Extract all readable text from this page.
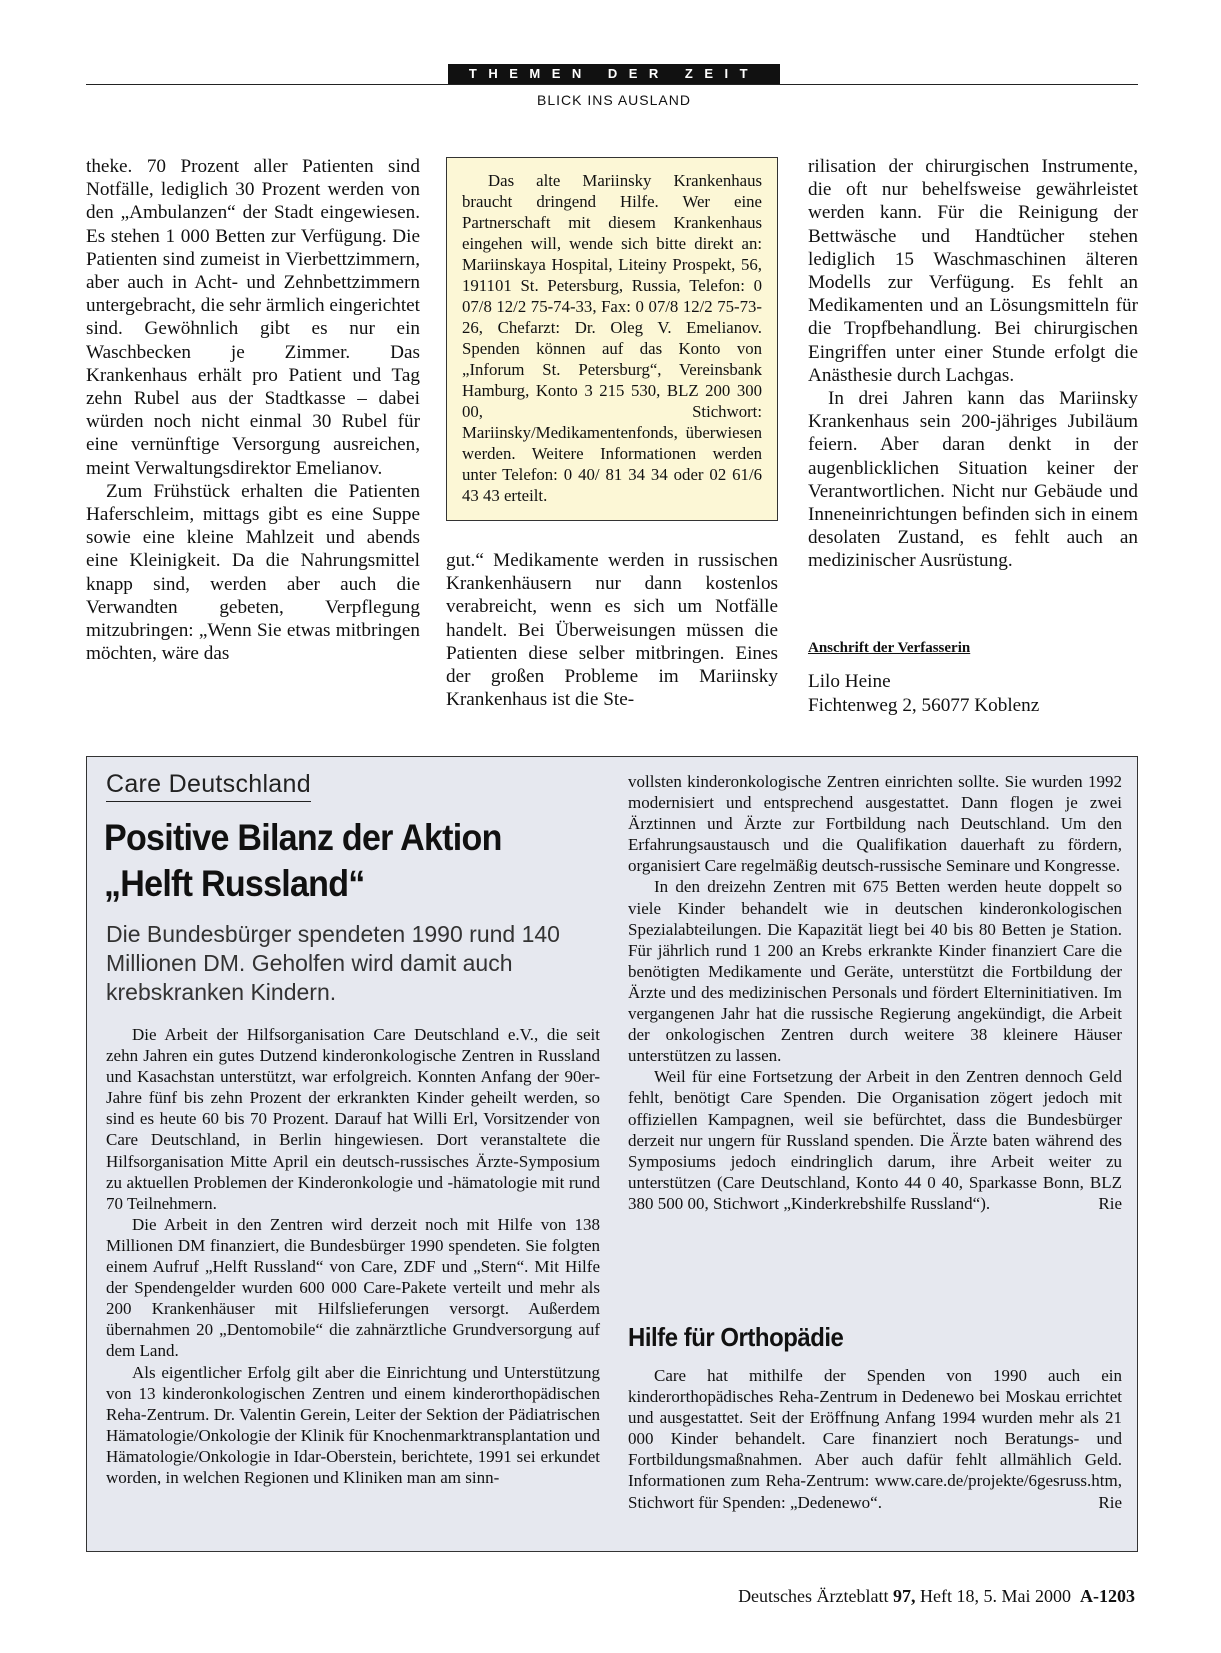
THEMEN DER ZEIT
BLICK INS AUSLAND

theke. 70 Prozent aller Patienten sind Notfälle, lediglich 30 Prozent werden von den „Ambulanzen“ der Stadt eingewiesen. Es stehen 1 000 Betten zur Verfügung. Die Patienten sind zumeist in Vierbettzimmern, aber auch in Acht- und Zehnbettzimmern untergebracht, die sehr ärmlich eingerichtet sind. Gewöhnlich gibt es nur ein Waschbecken je Zimmer. Das Krankenhaus erhält pro Patient und Tag zehn Rubel aus der Stadtkasse – dabei würden noch nicht einmal 30 Rubel für eine vernünftige Versorgung ausreichen, meint Verwaltungsdirektor Emelianov.

Zum Frühstück erhalten die Patienten Haferschleim, mittags gibt es eine Suppe sowie eine kleine Mahlzeit und abends eine Kleinigkeit. Da die Nahrungsmittel knapp sind, werden aber auch die Verwandten gebeten, Verpflegung mitzubringen: „Wenn Sie etwas mitbringen möchten, wäre das

Das alte Mariinsky Krankenhaus braucht dringend Hilfe. Wer eine Partnerschaft mit diesem Krankenhaus eingehen will, wende sich bitte direkt an: Mariinskaya Hospital, Liteiny Prospekt, 56, 191101 St. Petersburg, Russia, Telefon: 0 07/8 12/2 75-74-33, Fax: 0 07/8 12/2 75-73-26, Chefarzt: Dr. Oleg V. Emelianov. Spenden können auf das Konto von „Inforum St. Petersburg“, Vereinsbank Hamburg, Konto 3 215 530, BLZ 200 300 00, Stichwort: Mariinsky/Medikamentenfonds, überwiesen werden. Weitere Informationen werden unter Telefon: 0 40/ 81 34 34 oder 02 61/6 43 43 erteilt.

gut.“ Medikamente werden in russischen Krankenhäusern nur dann kostenlos verabreicht, wenn es sich um Notfälle handelt. Bei Überweisungen müssen die Patienten diese selber mitbringen. Eines der großen Probleme im Mariinsky Krankenhaus ist die Ste-

rilisation der chirurgischen Instrumente, die oft nur behelfsweise gewährleistet werden kann. Für die Reinigung der Bettwäsche und Handtücher stehen lediglich 15 Waschmaschinen älteren Modells zur Verfügung. Es fehlt an Medikamenten und an Lösungsmitteln für die Tropfbehandlung. Bei chirurgischen Eingriffen unter einer Stunde erfolgt die Anästhesie durch Lachgas.

In drei Jahren kann das Mariinsky Krankenhaus sein 200-jähriges Jubiläum feiern. Aber daran denkt in der augenblicklichen Situation keiner der Verantwortlichen. Nicht nur Gebäude und Inneneinrichtungen befinden sich in einem desolaten Zustand, es fehlt auch an medizinischer Ausrüstung.

Anschrift der Verfasserin
Lilo Heine
Fichtenweg 2, 56077 Koblenz
Care Deutschland
Positive Bilanz der Aktion
„Helft Russland“

Die Bundesbürger spendeten 1990 rund 140 Millionen DM. Geholfen wird damit auch krebskranken Kindern.

Die Arbeit der Hilfsorganisation Care Deutschland e.V., die seit zehn Jahren ein gutes Dutzend kinderonkologische Zentren in Russland und Kasachstan unterstützt, war erfolgreich. Konnten Anfang der 90er-Jahre fünf bis zehn Prozent der erkrankten Kinder geheilt werden, so sind es heute 60 bis 70 Prozent. Darauf hat Willi Erl, Vorsitzender von Care Deutschland, in Berlin hingewiesen. Dort veranstaltete die Hilfsorganisation Mitte April ein deutsch-russisches Ärzte-Symposium zu aktuellen Problemen der Kinderonkologie und -hämatologie mit rund 70 Teilnehmern.

Die Arbeit in den Zentren wird derzeit noch mit Hilfe von 138 Millionen DM finanziert, die Bundesbürger 1990 spendeten. Sie folgten einem Aufruf „Helft Russland“ von Care, ZDF und „Stern“. Mit Hilfe der Spendengelder wurden 600 000 Care-Pakete verteilt und mehr als 200 Krankenhäuser mit Hilfslieferungen versorgt. Außerdem übernahmen 20 „Dentomobile“ die zahnärztliche Grundversorgung auf dem Land.

Als eigentlicher Erfolg gilt aber die Einrichtung und Unterstützung von 13 kinderonkologischen Zentren und einem kinderorthopädischen Reha-Zentrum. Dr. Valentin Gerein, Leiter der Sektion der Pädiatrischen Hämatologie/Onkologie der Klinik für Knochenmarktransplantation und Hämatologie/Onkologie in Idar-Oberstein, berichtete, 1991 sei erkundet worden, in welchen Regionen und Kliniken man am sinn-

vollsten kinderonkologische Zentren einrichten sollte. Sie wurden 1992 modernisiert und entsprechend ausgestattet. Dann flogen je zwei Ärztinnen und Ärzte zur Fortbildung nach Deutschland. Um den Erfahrungsaustausch und die Qualifikation dauerhaft zu fördern, organisiert Care regelmäßig deutsch-russische Seminare und Kongresse.

In den dreizehn Zentren mit 675 Betten werden heute doppelt so viele Kinder behandelt wie in deutschen kinderonkologischen Spezialabteilungen. Die Kapazität liegt bei 40 bis 80 Betten je Station. Für jährlich rund 1 200 an Krebs erkrankte Kinder finanziert Care die benötigten Medikamente und Geräte, unterstützt die Fortbildung der Ärzte und des medizinischen Personals und fördert Elterninitiativen. Im vergangenen Jahr hat die russische Regierung angekündigt, die Arbeit der onkologischen Zentren durch weitere 38 kleinere Häuser unterstützen zu lassen.

Weil für eine Fortsetzung der Arbeit in den Zentren dennoch Geld fehlt, benötigt Care Spenden. Die Organisation zögert jedoch mit offiziellen Kampagnen, weil sie befürchtet, dass die Bundesbürger derzeit nur ungern für Russland spenden. Die Ärzte baten während des Symposiums jedoch eindringlich darum, ihre Arbeit weiter zu unterstützen (Care Deutschland, Konto 44 0 40, Sparkasse Bonn, BLZ 380 500 00, Stichwort „Kinderkrebshilfe Russland“).	Rie
Hilfe für Orthopädie

Care hat mithilfe der Spenden von 1990 auch ein kinderorthopädisches Reha-Zentrum in Dedenewo bei Moskau errichtet und ausgestattet. Seit der Eröffnung Anfang 1994 wurden mehr als 21 000 Kinder behandelt. Care finanziert noch Beratungs- und Fortbildungsmaßnahmen. Aber auch dafür fehlt allmählich Geld. Informationen zum Reha-Zentrum: www.care.de/projekte/6gesruss.htm, Stichwort für Spenden: „Dedenewo“.	Rie
Deutsches Ärzteblatt 97, Heft 18, 5. Mai 2000 A-1203
